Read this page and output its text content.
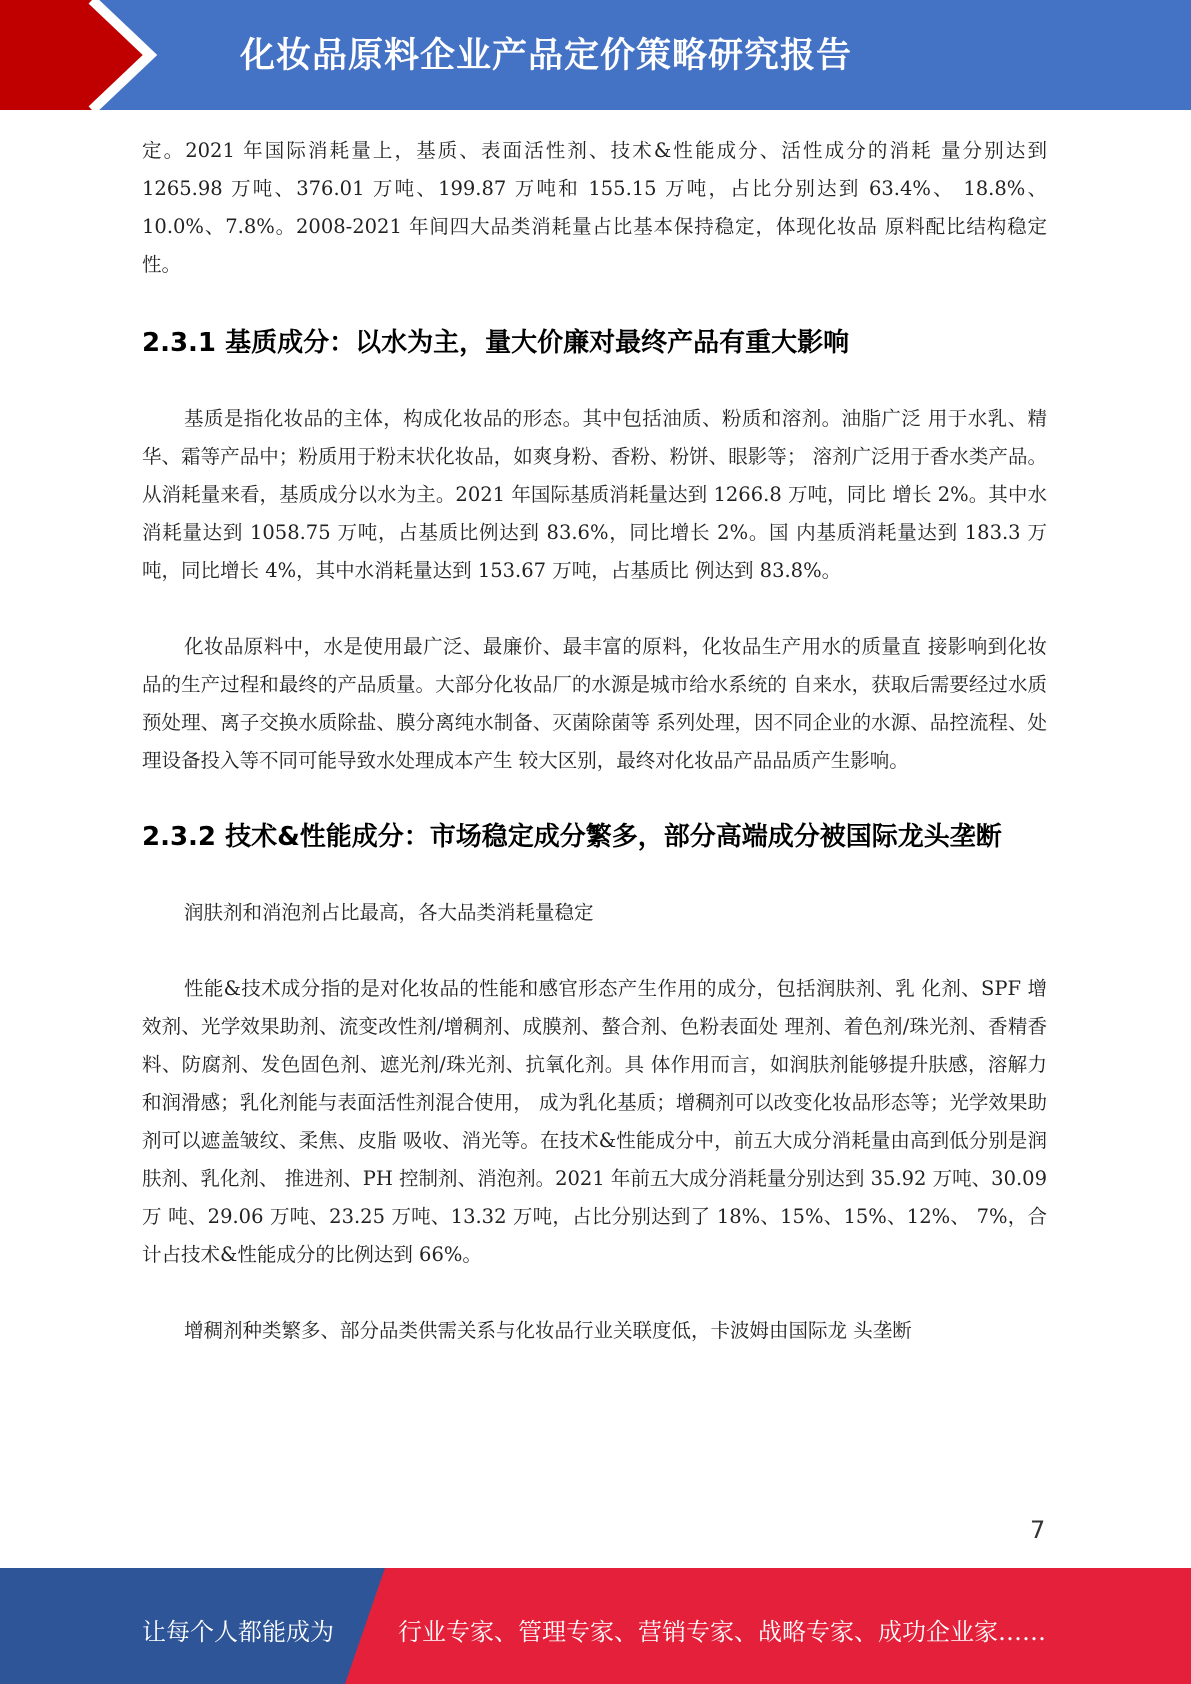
化妆品原料企业产品定价策略研究报告

定。2021 年国际消耗量上，基质、表面活性剂、技术&性能成分、活性成分的消耗 量分别达到 1265.98 万吨、376.01 万吨、199.87 万吨和 155.15 万吨，占比分别达到 63.4%、 18.8%、10.0%、7.8%。2008-2021 年间四大品类消耗量占比基本保持稳定，体现化妆品 原料配比结构稳定性。

2.3.1 基质成分：以水为主，量大价廉对最终产品有重大影响

基质是指化妆品的主体，构成化妆品的形态。其中包括油质、粉质和溶剂。油脂广泛 用于水乳、精华、霜等产品中；粉质用于粉末状化妆品，如爽身粉、香粉、粉饼、眼影等； 溶剂广泛用于香水类产品。 从消耗量来看，基质成分以水为主。2021 年国际基质消耗量达到 1266.8 万吨，同比 增长 2%。其中水消耗量达到 1058.75 万吨，占基质比例达到 83.6%，同比增长 2%。国 内基质消耗量达到 183.3 万吨，同比增长 4%，其中水消耗量达到 153.67 万吨，占基质比 例达到 83.8%。

化妆品原料中，水是使用最广泛、最廉价、最丰富的原料，化妆品生产用水的质量直 接影响到化妆品的生产过程和最终的产品质量。大部分化妆品厂的水源是城市给水系统的 自来水，获取后需要经过水质预处理、离子交换水质除盐、膜分离纯水制备、灭菌除菌等 系列处理，因不同企业的水源、品控流程、处理设备投入等不同可能导致水处理成本产生 较大区别，最终对化妆品产品品质产生影响。

2.3.2 技术&性能成分：市场稳定成分繁多，部分高端成分被国际龙头垄断

润肤剂和消泡剂占比最高，各大品类消耗量稳定

性能&技术成分指的是对化妆品的性能和感官形态产生作用的成分，包括润肤剂、乳 化剂、SPF 增效剂、光学效果助剂、流变改性剂/增稠剂、成膜剂、螯合剂、色粉表面处 理剂、着色剂/珠光剂、香精香料、防腐剂、发色固色剂、遮光剂/珠光剂、抗氧化剂。具 体作用而言，如润肤剂能够提升肤感，溶解力和润滑感；乳化剂能与表面活性剂混合使用， 成为乳化基质；增稠剂可以改变化妆品形态等；光学效果助剂可以遮盖皱纹、柔焦、皮脂 吸收、消光等。在技术&性能成分中，前五大成分消耗量由高到低分别是润肤剂、乳化剂、 推进剂、PH 控制剂、消泡剂。2021 年前五大成分消耗量分别达到 35.92 万吨、30.09 万 吨、29.06 万吨、23.25 万吨、13.32 万吨，占比分别达到了 18%、15%、15%、12%、 7%，合计占技术&性能成分的比例达到 66%。

增稠剂种类繁多、部分品类供需关系与化妆品行业关联度低，卡波姆由国际龙 头垄断

7
让每个人都能成为	行业专家、管理专家、营销专家、战略专家、成功企业家……
